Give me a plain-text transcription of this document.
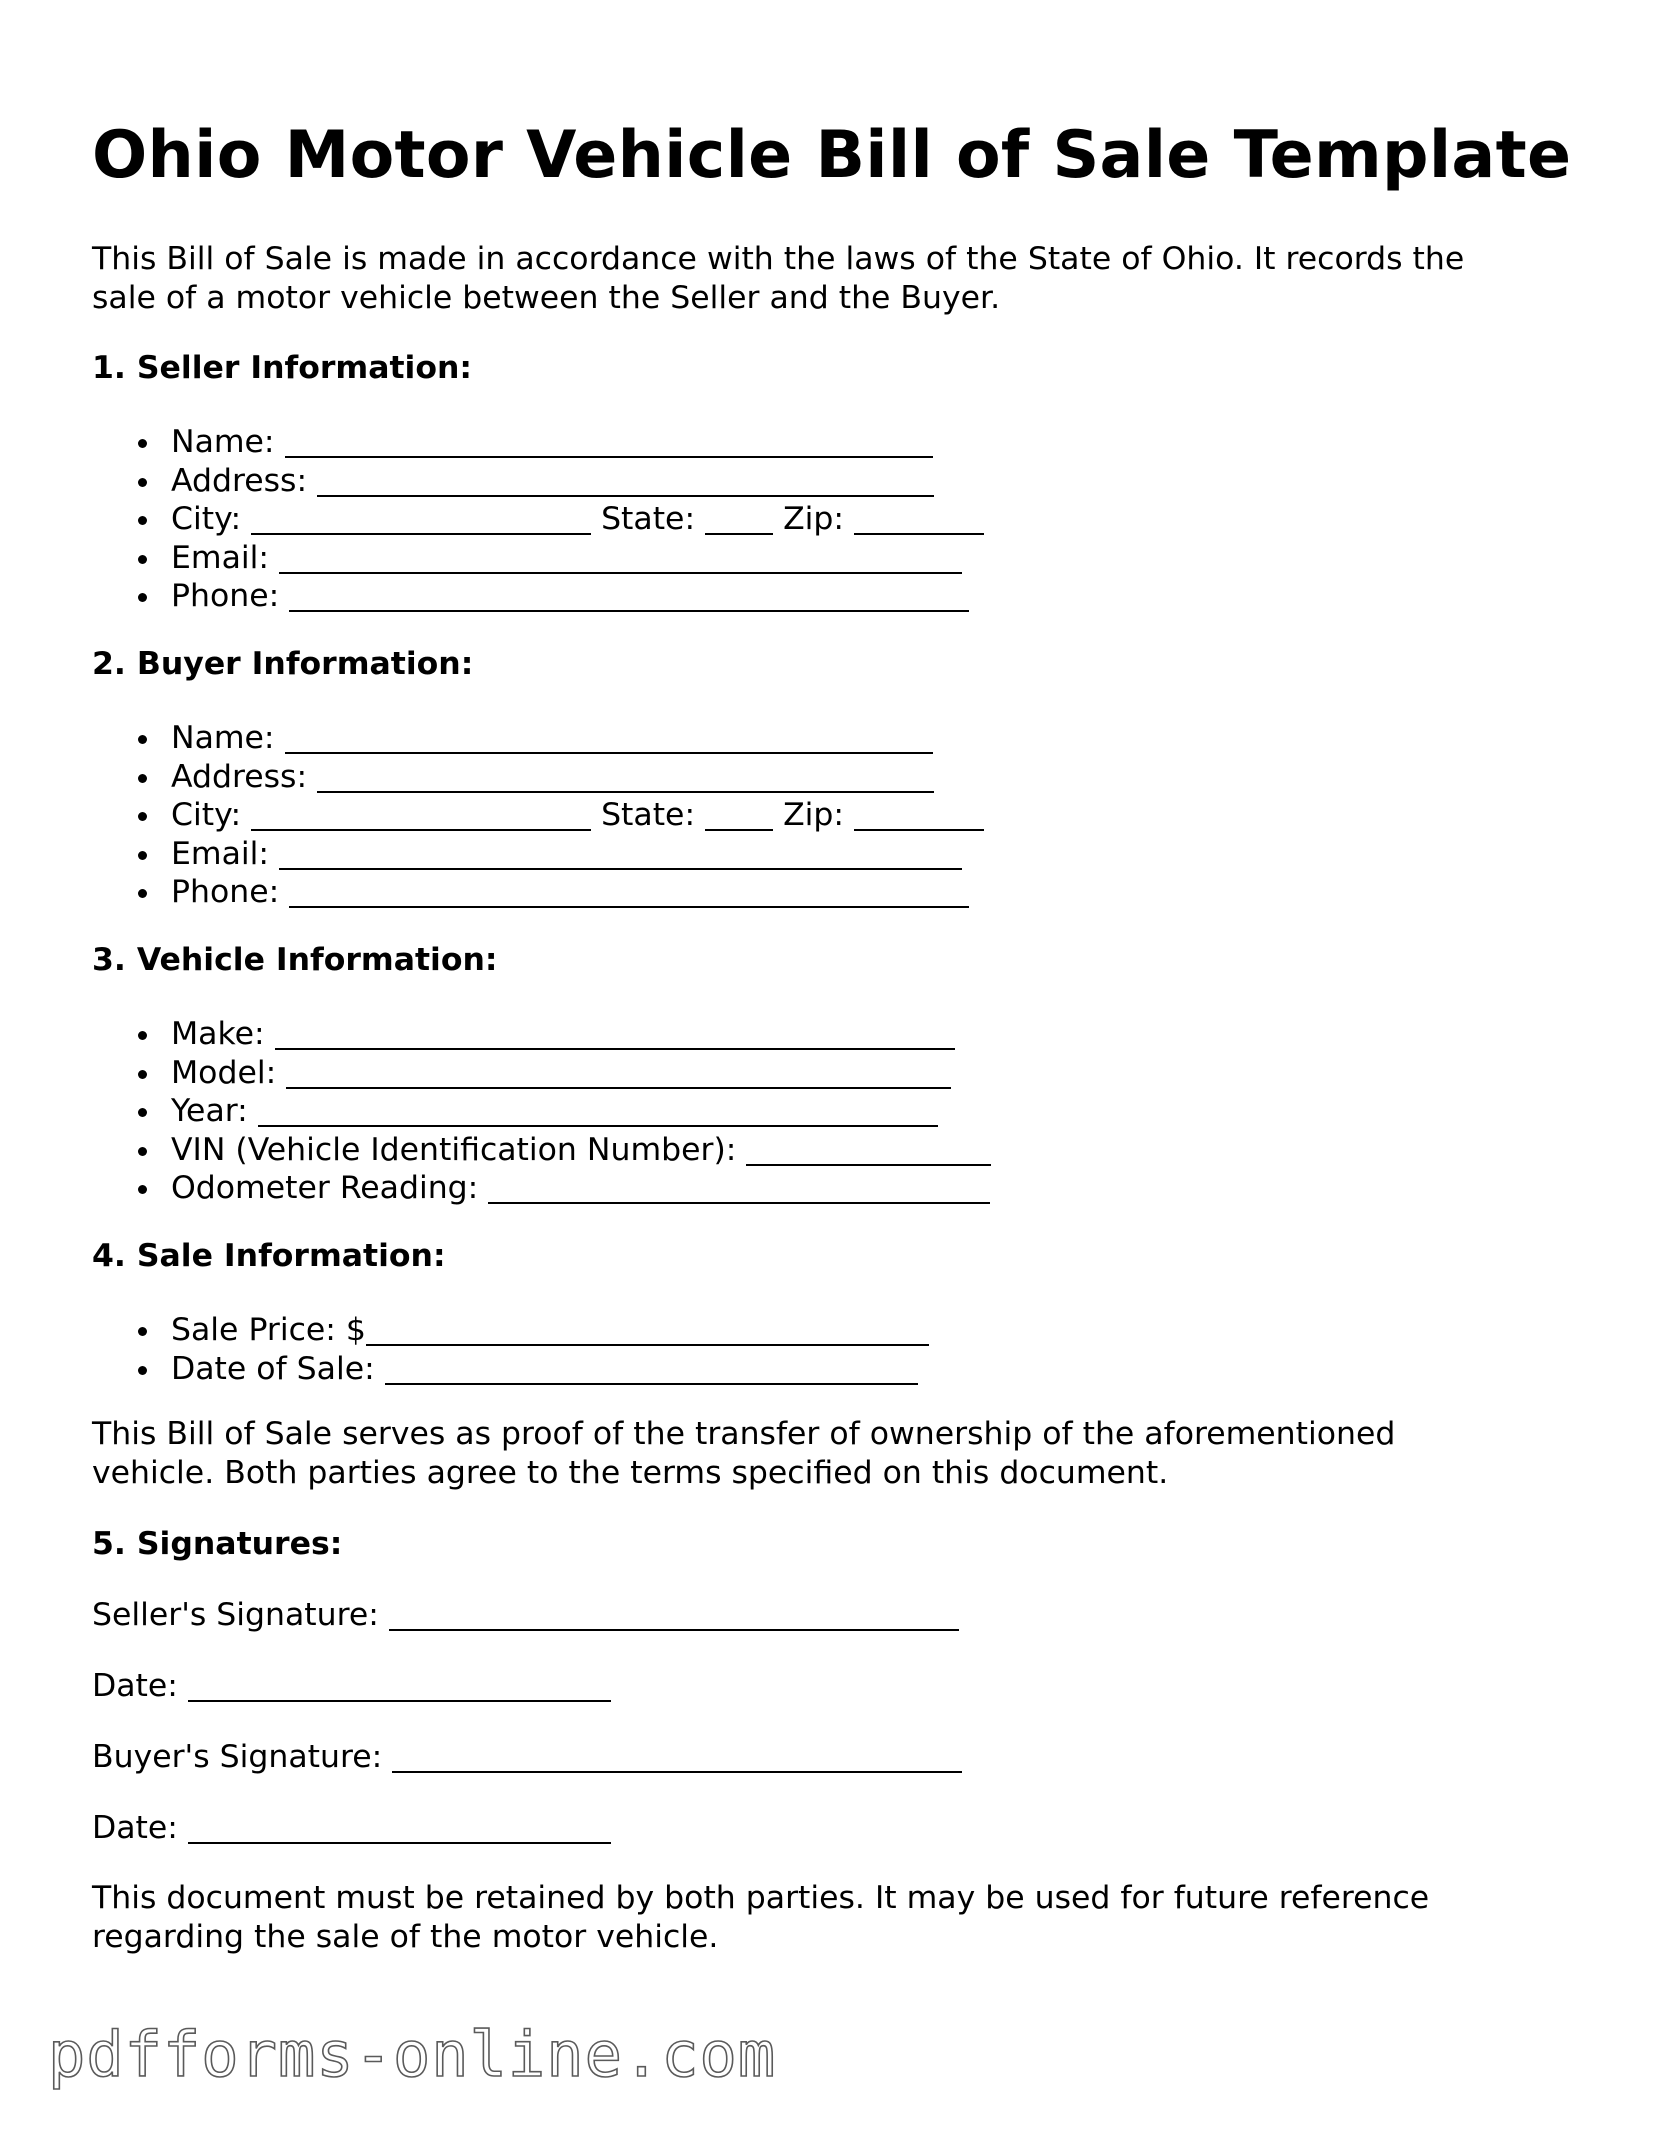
Ohio Motor Vehicle Bill of Sale Template

This Bill of Sale is made in accordance with the laws of the State of Ohio. It records the
sale of a motor vehicle between the Seller and the Buyer.

1. Seller Information:
Name:
Address:
City:	State:	Zip:
Email:
Phone:
2. Buyer Information:
Name:
Address:
City:	State:	Zip:
Email:
Phone:
3. Vehicle Information:
Make:
Model:
Year:
VIN (Vehicle Identification Number):
Odometer Reading:
4. Sale Information:
Sale Price: $
Date of Sale:

This Bill of Sale serves as proof of the transfer of ownership of the aforementioned
vehicle. Both parties agree to the terms specified on this document.

5. Signatures:

Seller's Signature:

Date:

Buyer's Signature:

Date:

This document must be retained by both parties. It may be used for future reference
regarding the sale of the motor vehicle.

pdfforms-online.com
